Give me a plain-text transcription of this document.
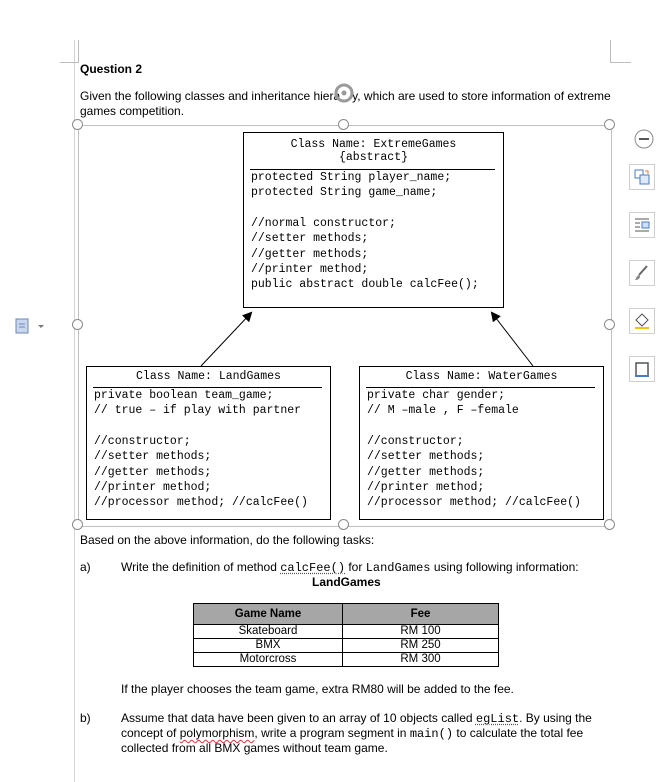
Question 2
Given the following classes and inheritance hiera y, which are used to store information of extreme
games competition.
Class Name: ExtremeGames
{abstract}
protected String player_name;
protected String game_name;
//normal constructor;
//setter methods;
//getter methods;
//printer method;
public abstract double calcFee();
Class Name: LandGames
private boolean team_game;
// true – if play with partner
//constructor;
//setter methods;
//getter methods;
//printer method;
//processor method; //calcFee()
Class Name: WaterGames
private char gender;
// M –male , F –female
//constructor;
//setter methods;
//getter methods;
//printer method;
//processor method; //calcFee()
Based on the above information, do the following tasks:
a)	Write the definition of method calcFee() for LandGames using following information:
LandGames
Game Name	Fee
Skateboard	RM 100
BMX	RM 250
Motorcross	RM 300
If the player chooses the team game, extra RM80 will be added to the fee.
b)	Assume that data have been given to an array of 10 objects called egList. By using the
concept of polymorphism, write a program segment in main() to calculate the total fee
collected from all BMX games without team game.
